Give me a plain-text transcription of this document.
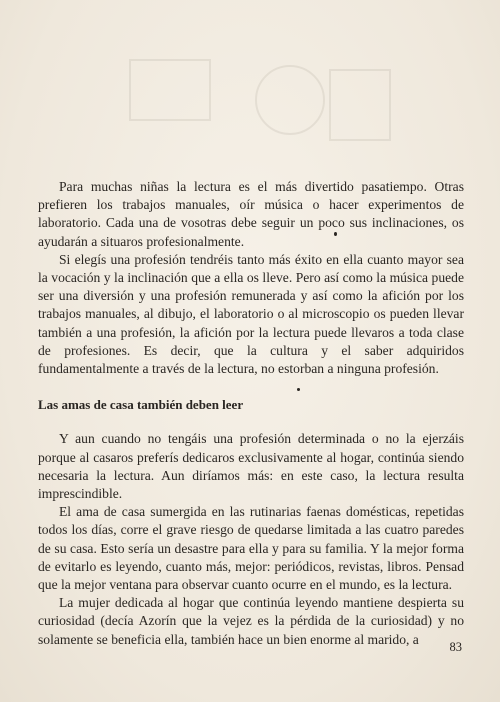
Para muchas niñas la lectura es el más divertido pasatiempo. Otras prefieren los trabajos manuales, oír música o hacer experimentos de laboratorio. Cada una de vosotras debe seguir un poco sus inclinaciones, os ayudarán a situaros profesionalmente.

Si elegís una profesión tendréis tanto más éxito en ella cuanto mayor sea la vocación y la inclinación que a ella os lleve. Pero así como la música puede ser una diversión y una profesión remunerada y así como la afición por los trabajos manuales, al dibujo, el laboratorio o al microscopio os pueden llevar también a una profesión, la afición por la lectura puede llevaros a toda clase de profesiones. Es decir, que la cultura y el saber adquiridos fundamentalmente a través de la lectura, no estorban a ninguna profesión.

Las amas de casa también deben leer

Y aun cuando no tengáis una profesión determinada o no la ejerzáis porque al casaros preferís dedicaros exclusivamente al hogar, continúa siendo necesaria la lectura. Aun diríamos más: en este caso, la lectura resulta imprescindible.

El ama de casa sumergida en las rutinarias faenas domésticas, repetidas todos los días, corre el grave riesgo de quedarse limitada a las cuatro paredes de su casa. Esto sería un desastre para ella y para su familia. Y la mejor forma de evitarlo es leyendo, cuanto más, mejor: periódicos, revistas, libros. Pensad que la mejor ventana para observar cuanto ocurre en el mundo, es la lectura.

La mujer dedicada al hogar que continúa leyendo mantiene despierta su curiosidad (decía Azorín que la vejez es la pérdida de la curiosidad) y no solamente se beneficia ella, también hace un bien enorme al marido, a

83
